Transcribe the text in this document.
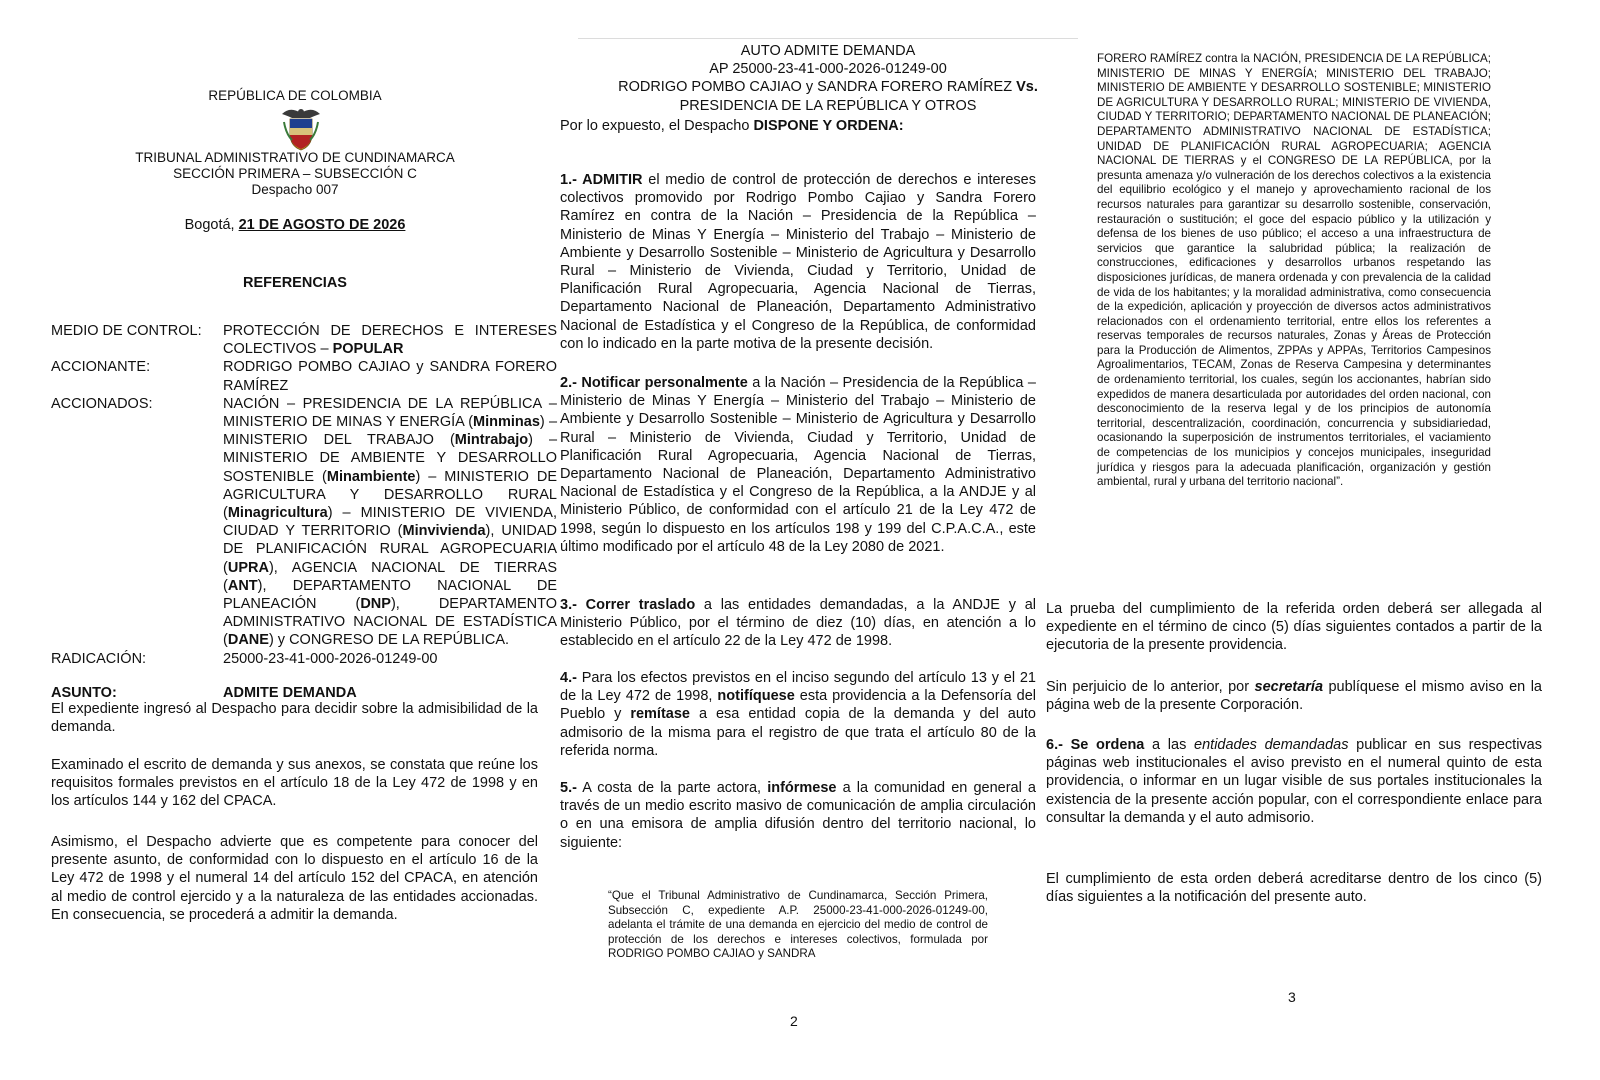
REPÚBLICA DE COLOMBIA
TRIBUNAL ADMINISTRATIVO DE CUNDINAMARCA
SECCIÓN PRIMERA – SUBSECCIÓN C
Despacho 007
Bogotá, 21 DE AGOSTO DE 2026
REFERENCIAS
MEDIO DE CONTROL:	PROTECCIÓN DE DERECHOS E INTERESES COLECTIVOS – POPULAR
ACCIONANTE:	RODRIGO POMBO CAJIAO y SANDRA FORERO RAMÍREZ
ACCIONADOS:	NACIÓN – PRESIDENCIA DE LA REPÚBLICA – MINISTERIO DE MINAS Y ENERGÍA (Minminas) – MINISTERIO DEL TRABAJO (Mintrabajo) – MINISTERIO DE AMBIENTE Y DESARROLLO SOSTENIBLE (Minambiente) – MINISTERIO DE AGRICULTURA Y DESARROLLO RURAL (Minagricultura) – MINISTERIO DE VIVIENDA, CIUDAD Y TERRITORIO (Minvivienda), UNIDAD DE PLANIFICACIÓN RURAL AGROPECUARIA (UPRA), AGENCIA NACIONAL DE TIERRAS (ANT), DEPARTAMENTO NACIONAL DE PLANEACIÓN (DNP), DEPARTAMENTO ADMINISTRATIVO NACIONAL DE ESTADÍSTICA (DANE) y CONGRESO DE LA REPÚBLICA.
RADICACIÓN:	25000-23-41-000-2026-01249-00
ASUNTO:	ADMITE DEMANDA

El expediente ingresó al Despacho para decidir sobre la admisibilidad de la demanda.

Examinado el escrito de demanda y sus anexos, se constata que reúne los requisitos formales previstos en el artículo 18 de la Ley 472 de 1998 y en los artículos 144 y 162 del CPACA.

Asimismo, el Despacho advierte que es competente para conocer del presente asunto, de conformidad con lo dispuesto en el artículo 16 de la Ley 472 de 1998 y el numeral 14 del artículo 152 del CPACA, en atención al medio de control ejercido y a la naturaleza de las entidades accionadas. En consecuencia, se procederá a admitir la demanda.

AUTO ADMITE DEMANDA
AP 25000-23-41-000-2026-01249-00
RODRIGO POMBO CAJIAO y SANDRA FORERO RAMÍREZ Vs. PRESIDENCIA DE LA REPÚBLICA Y OTROS

Por lo expuesto, el Despacho DISPONE Y ORDENA:

1.- ADMITIR el medio de control de protección de derechos e intereses colectivos promovido por Rodrigo Pombo Cajiao y Sandra Forero Ramírez en contra de la Nación – Presidencia de la República – Ministerio de Minas Y Energía – Ministerio del Trabajo – Ministerio de Ambiente y Desarrollo Sostenible – Ministerio de Agricultura y Desarrollo Rural – Ministerio de Vivienda, Ciudad y Territorio, Unidad de Planificación Rural Agropecuaria, Agencia Nacional de Tierras, Departamento Nacional de Planeación, Departamento Administrativo Nacional de Estadística y el Congreso de la República, de conformidad con lo indicado en la parte motiva de la presente decisión.

2.- Notificar personalmente a la Nación – Presidencia de la República – Ministerio de Minas Y Energía – Ministerio del Trabajo – Ministerio de Ambiente y Desarrollo Sostenible – Ministerio de Agricultura y Desarrollo Rural – Ministerio de Vivienda, Ciudad y Territorio, Unidad de Planificación Rural Agropecuaria, Agencia Nacional de Tierras, Departamento Nacional de Planeación, Departamento Administrativo Nacional de Estadística y el Congreso de la República, a la ANDJE y al Ministerio Público, de conformidad con el artículo 21 de la Ley 472 de 1998, según lo dispuesto en los artículos 198 y 199 del C.P.A.C.A., este último modificado por el artículo 48 de la Ley 2080 de 2021.

3.- Correr traslado a las entidades demandadas, a la ANDJE y al Ministerio Público, por el término de diez (10) días, en atención a lo establecido en el artículo 22 de la Ley 472 de 1998.

4.- Para los efectos previstos en el inciso segundo del artículo 13 y el 21 de la Ley 472 de 1998, notifíquese esta providencia a la Defensoría del Pueblo y remítase a esa entidad copia de la demanda y del auto admisorio de la misma para el registro de que trata el artículo 80 de la referida norma.

5.- A costa de la parte actora, infórmese a la comunidad en general a través de un medio escrito masivo de comunicación de amplia circulación o en una emisora de amplia difusión dentro del territorio nacional, lo siguiente:

“Que el Tribunal Administrativo de Cundinamarca, Sección Primera, Subsección C, expediente A.P. 25000-23-41-000-2026-01249-00, adelanta el trámite de una demanda en ejercicio del medio de control de protección de los derechos e intereses colectivos, formulada por RODRIGO POMBO CAJIAO y SANDRA

2

FORERO RAMÍREZ contra la NACIÓN, PRESIDENCIA DE LA REPÚBLICA; MINISTERIO DE MINAS Y ENERGÍA; MINISTERIO DEL TRABAJO; MINISTERIO DE AMBIENTE Y DESARROLLO SOSTENIBLE; MINISTERIO DE AGRICULTURA Y DESARROLLO RURAL; MINISTERIO DE VIVIENDA, CIUDAD Y TERRITORIO; DEPARTAMENTO NACIONAL DE PLANEACIÓN; DEPARTAMENTO ADMINISTRATIVO NACIONAL DE ESTADÍSTICA; UNIDAD DE PLANIFICACIÓN RURAL AGROPECUARIA; AGENCIA NACIONAL DE TIERRAS y el CONGRESO DE LA REPÚBLICA, por la presunta amenaza y/o vulneración de los derechos colectivos a la existencia del equilibrio ecológico y el manejo y aprovechamiento racional de los recursos naturales para garantizar su desarrollo sostenible, conservación, restauración o sustitución; el goce del espacio público y la utilización y defensa de los bienes de uso público; el acceso a una infraestructura de servicios que garantice la salubridad pública; la realización de construcciones, edificaciones y desarrollos urbanos respetando las disposiciones jurídicas, de manera ordenada y con prevalencia de la calidad de vida de los habitantes; y la moralidad administrativa, como consecuencia de la expedición, aplicación y proyección de diversos actos administrativos relacionados con el ordenamiento territorial, entre ellos los referentes a reservas temporales de recursos naturales, Zonas y Áreas de Protección para la Producción de Alimentos, ZPPAs y APPAs, Territorios Campesinos Agroalimentarios, TECAM, Zonas de Reserva Campesina y determinantes de ordenamiento territorial, los cuales, según los accionantes, habrían sido expedidos de manera desarticulada por autoridades del orden nacional, con desconocimiento de la reserva legal y de los principios de autonomía territorial, descentralización, coordinación, concurrencia y subsidiariedad, ocasionando la superposición de instrumentos territoriales, el vaciamiento de competencias de los municipios y concejos municipales, inseguridad jurídica y riesgos para la adecuada planificación, organización y gestión ambiental, rural y urbana del territorio nacional”.

La prueba del cumplimiento de la referida orden deberá ser allegada al expediente en el término de cinco (5) días siguientes contados a partir de la ejecutoria de la presente providencia.

Sin perjuicio de lo anterior, por secretaría publíquese el mismo aviso en la página web de la presente Corporación.

6.- Se ordena a las entidades demandadas publicar en sus respectivas páginas web institucionales el aviso previsto en el numeral quinto de esta providencia, o informar en un lugar visible de sus portales institucionales la existencia de la presente acción popular, con el correspondiente enlace para consultar la demanda y el auto admisorio.

El cumplimiento de esta orden deberá acreditarse dentro de los cinco (5) días siguientes a la notificación del presente auto.

3
